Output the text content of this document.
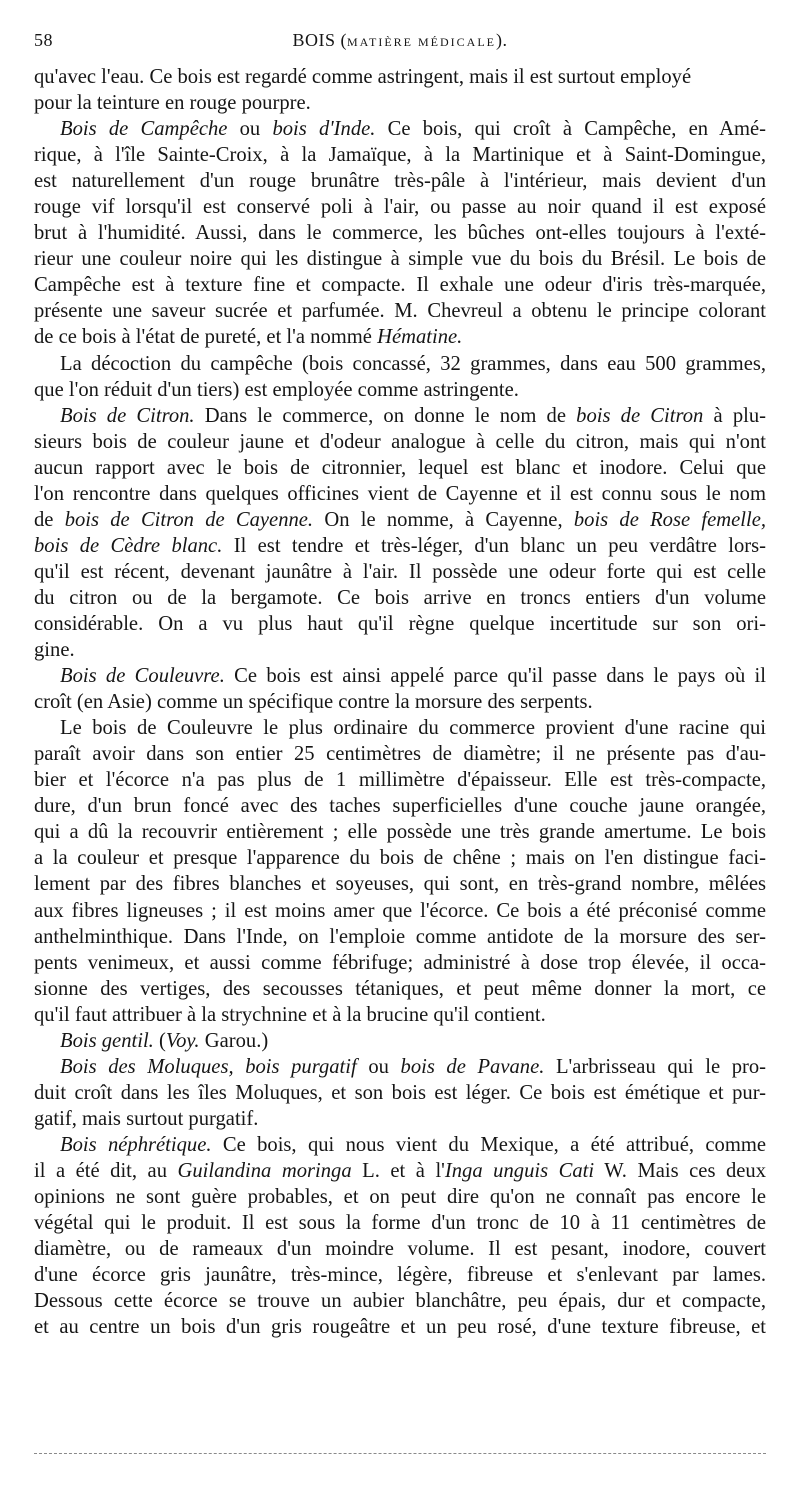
58	BOIS (MATIÈRE MÉDICALE).
qu'avec l'eau. Ce bois est regardé comme astringent, mais il est surtout employé
pour la teinture en rouge pourpre.
Bois de Campêche ou bois d'Inde. Ce bois, qui croît à Campêche, en Amé-
rique, à l'île Sainte-Croix, à la Jamaïque, à la Martinique et à Saint-Domingue,
est naturellement d'un rouge brunâtre très-pâle à l'intérieur, mais devient d'un
rouge vif lorsqu'il est conservé poli à l'air, ou passe au noir quand il est exposé
brut à l'humidité. Aussi, dans le commerce, les bûches ont-elles toujours à l'exté-
rieur une couleur noire qui les distingue à simple vue du bois du Brésil. Le bois de
Campêche est à texture fine et compacte. Il exhale une odeur d'iris très-marquée,
présente une saveur sucrée et parfumée. M. Chevreul a obtenu le principe colorant
de ce bois à l'état de pureté, et l'a nommé Hématine.
La décoction du campêche (bois concassé, 32 grammes, dans eau 500 grammes,
que l'on réduit d'un tiers) est employée comme astringente.
Bois de Citron. Dans le commerce, on donne le nom de bois de Citron à plu-
sieurs bois de couleur jaune et d'odeur analogue à celle du citron, mais qui n'ont
aucun rapport avec le bois de citronnier, lequel est blanc et inodore. Celui que
l'on rencontre dans quelques officines vient de Cayenne et il est connu sous le nom
de bois de Citron de Cayenne. On le nomme, à Cayenne, bois de Rose femelle,
bois de Cèdre blanc. Il est tendre et très-léger, d'un blanc un peu verdâtre lors-
qu'il est récent, devenant jaunâtre à l'air. Il possède une odeur forte qui est celle
du citron ou de la bergamote. Ce bois arrive en troncs entiers d'un volume
considérable. On a vu plus haut qu'il règne quelque incertitude sur son ori-
gine.
Bois de Couleuvre. Ce bois est ainsi appelé parce qu'il passe dans le pays où il
croît (en Asie) comme un spécifique contre la morsure des serpents.
Le bois de Couleuvre le plus ordinaire du commerce provient d'une racine qui
paraît avoir dans son entier 25 centimètres de diamètre; il ne présente pas d'au-
bier et l'écorce n'a pas plus de 1 millimètre d'épaisseur. Elle est très-compacte,
dure, d'un brun foncé avec des taches superficielles d'une couche jaune orangée,
qui a dû la recouvrir entièrement ; elle possède une très grande amertume. Le bois
a la couleur et presque l'apparence du bois de chêne ; mais on l'en distingue faci-
lement par des fibres blanches et soyeuses, qui sont, en très-grand nombre, mêlées
aux fibres ligneuses ; il est moins amer que l'écorce. Ce bois a été préconisé comme
anthelminthique. Dans l'Inde, on l'emploie comme antidote de la morsure des ser-
pents venimeux, et aussi comme fébrifuge; administré à dose trop élevée, il occa-
sionne des vertiges, des secousses tétaniques, et peut même donner la mort, ce
qu'il faut attribuer à la strychnine et à la brucine qu'il contient.
Bois gentil. (Voy. Garou.)
Bois des Moluques, bois purgatif ou bois de Pavane. L'arbrisseau qui le pro-
duit croît dans les îles Moluques, et son bois est léger. Ce bois est émétique et pur-
gatif, mais surtout purgatif.
Bois néphrétique. Ce bois, qui nous vient du Mexique, a été attribué, comme
il a été dit, au Guilandina moringa L. et à l'Inga unguis Cati W. Mais ces deux
opinions ne sont guère probables, et on peut dire qu'on ne connaît pas encore le
végétal qui le produit. Il est sous la forme d'un tronc de 10 à 11 centimètres de
diamètre, ou de rameaux d'un moindre volume. Il est pesant, inodore, couvert
d'une écorce gris jaunâtre, très-mince, légère, fibreuse et s'enlevant par lames.
Dessous cette écorce se trouve un aubier blanchâtre, peu épais, dur et compacte,
et au centre un bois d'un gris rougeâtre et un peu rosé, d'une texture fibreuse, et
